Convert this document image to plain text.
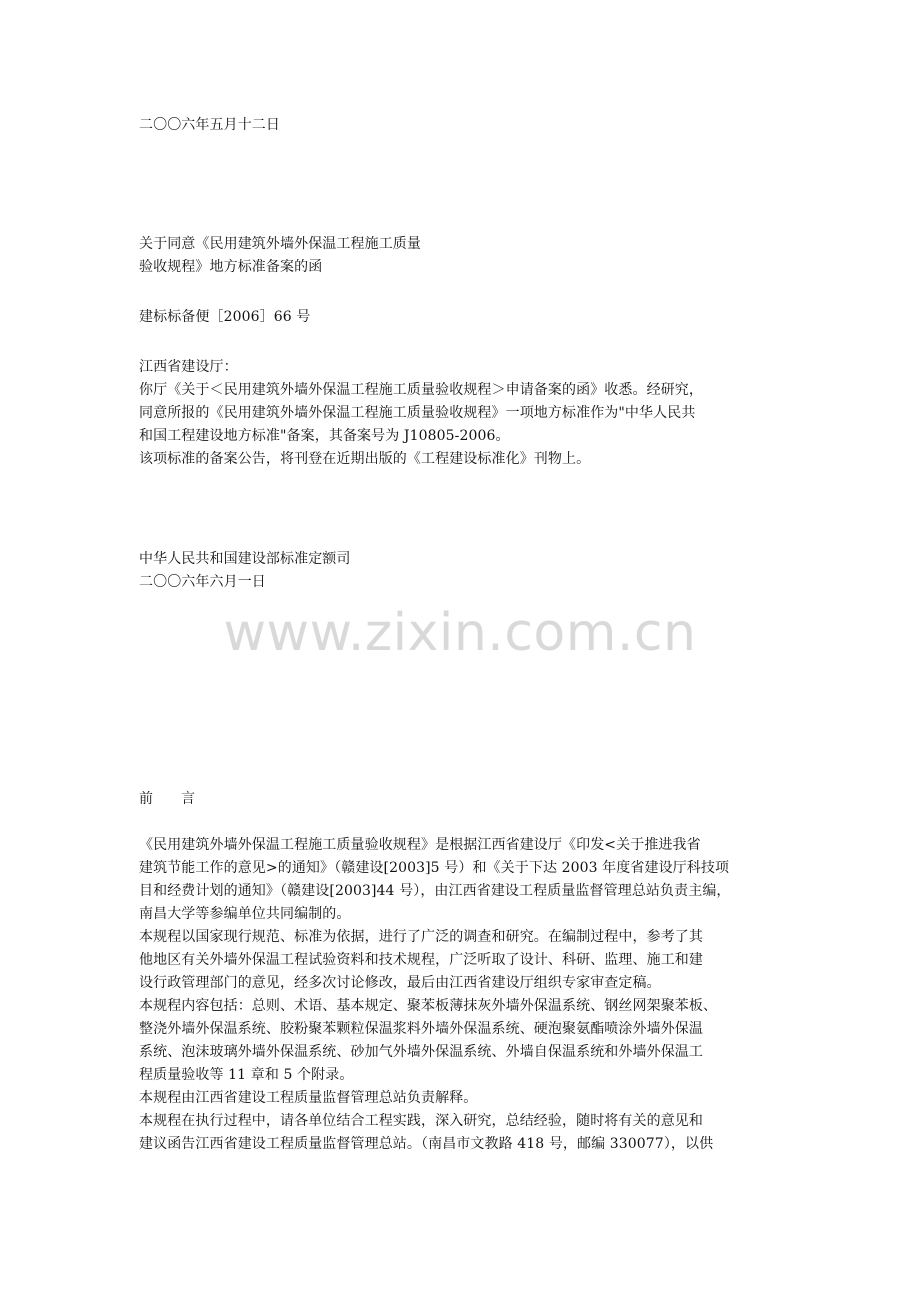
二〇〇六年五月十二日
关于同意《民用建筑外墙外保温工程施工质量
验收规程》地方标准备案的函
建标标备便［2006］66 号
江西省建设厅：
你厅《关于＜民用建筑外墙外保温工程施工质量验收规程＞申请备案的函》收悉。经研究，
同意所报的《民用建筑外墙外保温工程施工质量验收规程》一项地方标准作为"中华人民共
和国工程建设地方标准"备案，其备案号为 J10805-2006。
该项标准的备案公告，将刊登在近期出版的《工程建设标准化》刊物上。
中华人民共和国建设部标准定额司
二〇〇六年六月一日
www.zixin.com.cn
前　　言
《民用建筑外墙外保温工程施工质量验收规程》是根据江西省建设厅《印发<关于推进我省
建筑节能工作的意见>的通知》（赣建设[2003]5 号）和《关于下达 2003 年度省建设厅科技项
目和经费计划的通知》（赣建设[2003]44 号），由江西省建设工程质量监督管理总站负责主编，
南昌大学等参编单位共同编制的。
本规程以国家现行规范、标准为依据，进行了广泛的调查和研究。在编制过程中，参考了其
他地区有关外墙外保温工程试验资料和技术规程，广泛听取了设计、科研、监理、施工和建
设行政管理部门的意见，经多次讨论修改，最后由江西省建设厅组织专家审查定稿。
本规程内容包括：总则、术语、基本规定、聚苯板薄抹灰外墙外保温系统、钢丝网架聚苯板、
整浇外墙外保温系统、胶粉聚苯颗粒保温浆料外墙外保温系统、硬泡聚氨酯喷涂外墙外保温
系统、泡沫玻璃外墙外保温系统、砂加气外墙外保温系统、外墙自保温系统和外墙外保温工
程质量验收等 11 章和 5 个附录。
本规程由江西省建设工程质量监督管理总站负责解释。
本规程在执行过程中，请各单位结合工程实践，深入研究，总结经验，随时将有关的意见和
建议函告江西省建设工程质量监督管理总站。（南昌市文教路 418 号，邮编 330077），以供
